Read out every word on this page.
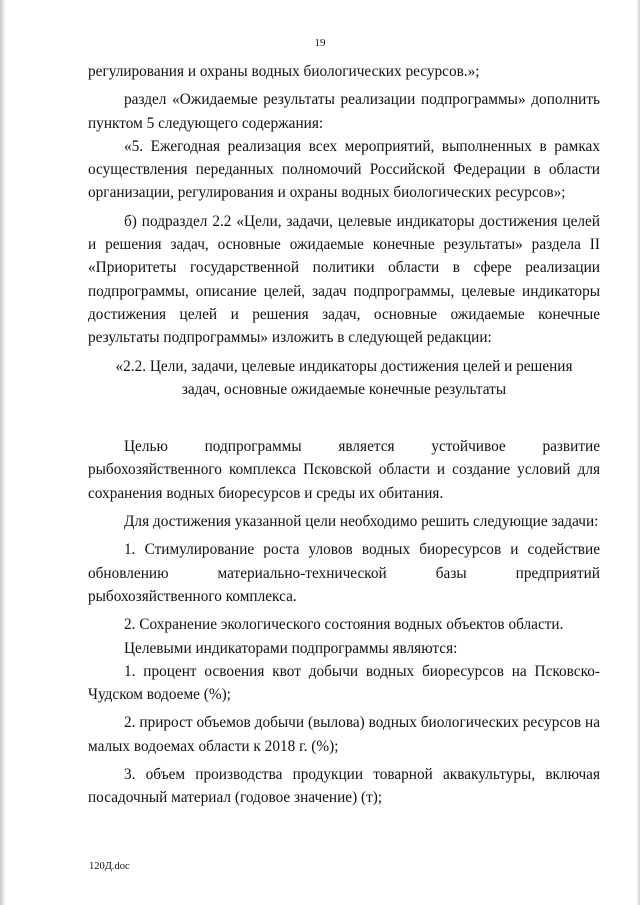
19

регулирования и охраны водных биологических ресурсов.»;

раздел «Ожидаемые результаты реализации подпрограммы» дополнить пунктом 5 следующего содержания:

«5. Ежегодная реализация всех мероприятий, выполненных в рамках осуществления переданных полномочий Российской Федерации в области организации, регулирования и охраны водных биологических ресурсов»;

б) подраздел 2.2 «Цели, задачи, целевые индикаторы достижения целей и решения задач, основные ожидаемые конечные результаты» раздела II «Приоритеты государственной политики области в сфере реализации подпрограммы, описание целей, задач подпрограммы, целевые индикаторы достижения целей и решения задач, основные ожидаемые конечные результаты подпрограммы» изложить в следующей редакции:

«2.2. Цели, задачи, целевые индикаторы достижения целей и решения

задач, основные ожидаемые конечные результаты

Целью подпрограммы является устойчивое развитие рыбохозяйственного комплекса Псковской области и создание условий для сохранения водных биоресурсов и среды их обитания.

Для достижения указанной цели необходимо решить следующие задачи:

1. Стимулирование роста уловов водных биоресурсов и содействие обновлению материально-технической базы предприятий рыбохозяйственного комплекса.

2. Сохранение экологического состояния водных объектов области.

Целевыми индикаторами подпрограммы являются:

1. процент освоения квот добычи водных биоресурсов на Псковско-Чудском водоеме (%);

2. прирост объемов добычи (вылова) водных биологических ресурсов на малых водоемах области к 2018 г. (%);

3. объем производства продукции товарной аквакультуры, включая посадочный материал (годовое значение) (т);

120Д.doc
